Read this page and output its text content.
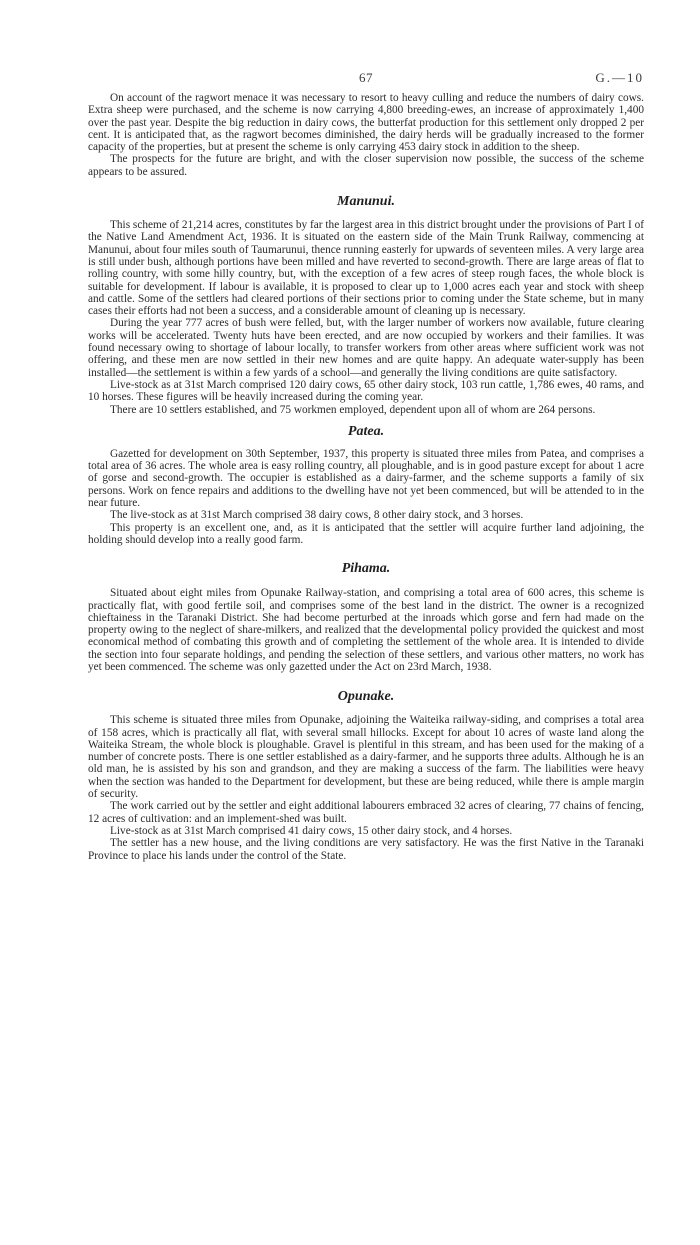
67	G.—10

On account of the ragwort menace it was necessary to resort to heavy culling and reduce the numbers of dairy cows. Extra sheep were purchased, and the scheme is now carrying 4,800 breeding-ewes, an increase of approximately 1,400 over the past year. Despite the big reduction in dairy cows, the butterfat production for this settlement only dropped 2 per cent. It is anticipated that, as the ragwort becomes diminished, the dairy herds will be gradually increased to the former capacity of the properties, but at present the scheme is only carrying 453 dairy stock in addition to the sheep.

The prospects for the future are bright, and with the closer supervision now possible, the success of the scheme appears to be assured.

Manunui.

This scheme of 21,214 acres, constitutes by far the largest area in this district brought under the provisions of Part I of the Native Land Amendment Act, 1936. It is situated on the eastern side of the Main Trunk Railway, commencing at Manunui, about four miles south of Taumarunui, thence running easterly for upwards of seventeen miles. A very large area is still under bush, although portions have been milled and have reverted to second-growth. There are large areas of flat to rolling country, with some hilly country, but, with the exception of a few acres of steep rough faces, the whole block is suitable for development. If labour is available, it is proposed to clear up to 1,000 acres each year and stock with sheep and cattle. Some of the settlers had cleared portions of their sections prior to coming under the State scheme, but in many cases their efforts had not been a success, and a considerable amount of cleaning up is necessary.

During the year 777 acres of bush were felled, but, with the larger number of workers now available, future clearing works will be accelerated. Twenty huts have been erected, and are now occupied by workers and their families. It was found necessary owing to shortage of labour locally, to transfer workers from other areas where sufficient work was not offering, and these men are now settled in their new homes and are quite happy. An adequate water-supply has been installed—the settlement is within a few yards of a school—and generally the living conditions are quite satisfactory.

Live-stock as at 31st March comprised 120 dairy cows, 65 other dairy stock, 103 run cattle, 1,786 ewes, 40 rams, and 10 horses. These figures will be heavily increased during the coming year.

There are 10 settlers established, and 75 workmen employed, dependent upon all of whom are 264 persons.

Patea.

Gazetted for development on 30th September, 1937, this property is situated three miles from Patea, and comprises a total area of 36 acres. The whole area is easy rolling country, all ploughable, and is in good pasture except for about 1 acre of gorse and second-growth. The occupier is established as a dairy-farmer, and the scheme supports a family of six persons. Work on fence repairs and additions to the dwelling have not yet been commenced, but will be attended to in the near future.

The live-stock as at 31st March comprised 38 dairy cows, 8 other dairy stock, and 3 horses.

This property is an excellent one, and, as it is anticipated that the settler will acquire further land adjoining, the holding should develop into a really good farm.

Pihama.

Situated about eight miles from Opunake Railway-station, and comprising a total area of 600 acres, this scheme is practically flat, with good fertile soil, and comprises some of the best land in the district. The owner is a recognized chieftainess in the Taranaki District. She had become perturbed at the inroads which gorse and fern had made on the property owing to the neglect of share-milkers, and realized that the developmental policy provided the quickest and most economical method of combating this growth and of completing the settlement of the whole area. It is intended to divide the section into four separate holdings, and pending the selection of these settlers, and various other matters, no work has yet been commenced. The scheme was only gazetted under the Act on 23rd March, 1938.

Opunake.

This scheme is situated three miles from Opunake, adjoining the Waiteika railway-siding, and comprises a total area of 158 acres, which is practically all flat, with several small hillocks. Except for about 10 acres of waste land along the Waiteika Stream, the whole block is ploughable. Gravel is plentiful in this stream, and has been used for the making of a number of concrete posts. There is one settler established as a dairy-farmer, and he supports three adults. Although he is an old man, he is assisted by his son and grandson, and they are making a success of the farm. The liabilities were heavy when the section was handed to the Department for development, but these are being reduced, while there is ample margin of security.

The work carried out by the settler and eight additional labourers embraced 32 acres of clearing, 77 chains of fencing, 12 acres of cultivation: and an implement-shed was built.

Live-stock as at 31st March comprised 41 dairy cows, 15 other dairy stock, and 4 horses.

The settler has a new house, and the living conditions are very satisfactory. He was the first Native in the Taranaki Province to place his lands under the control of the State.
